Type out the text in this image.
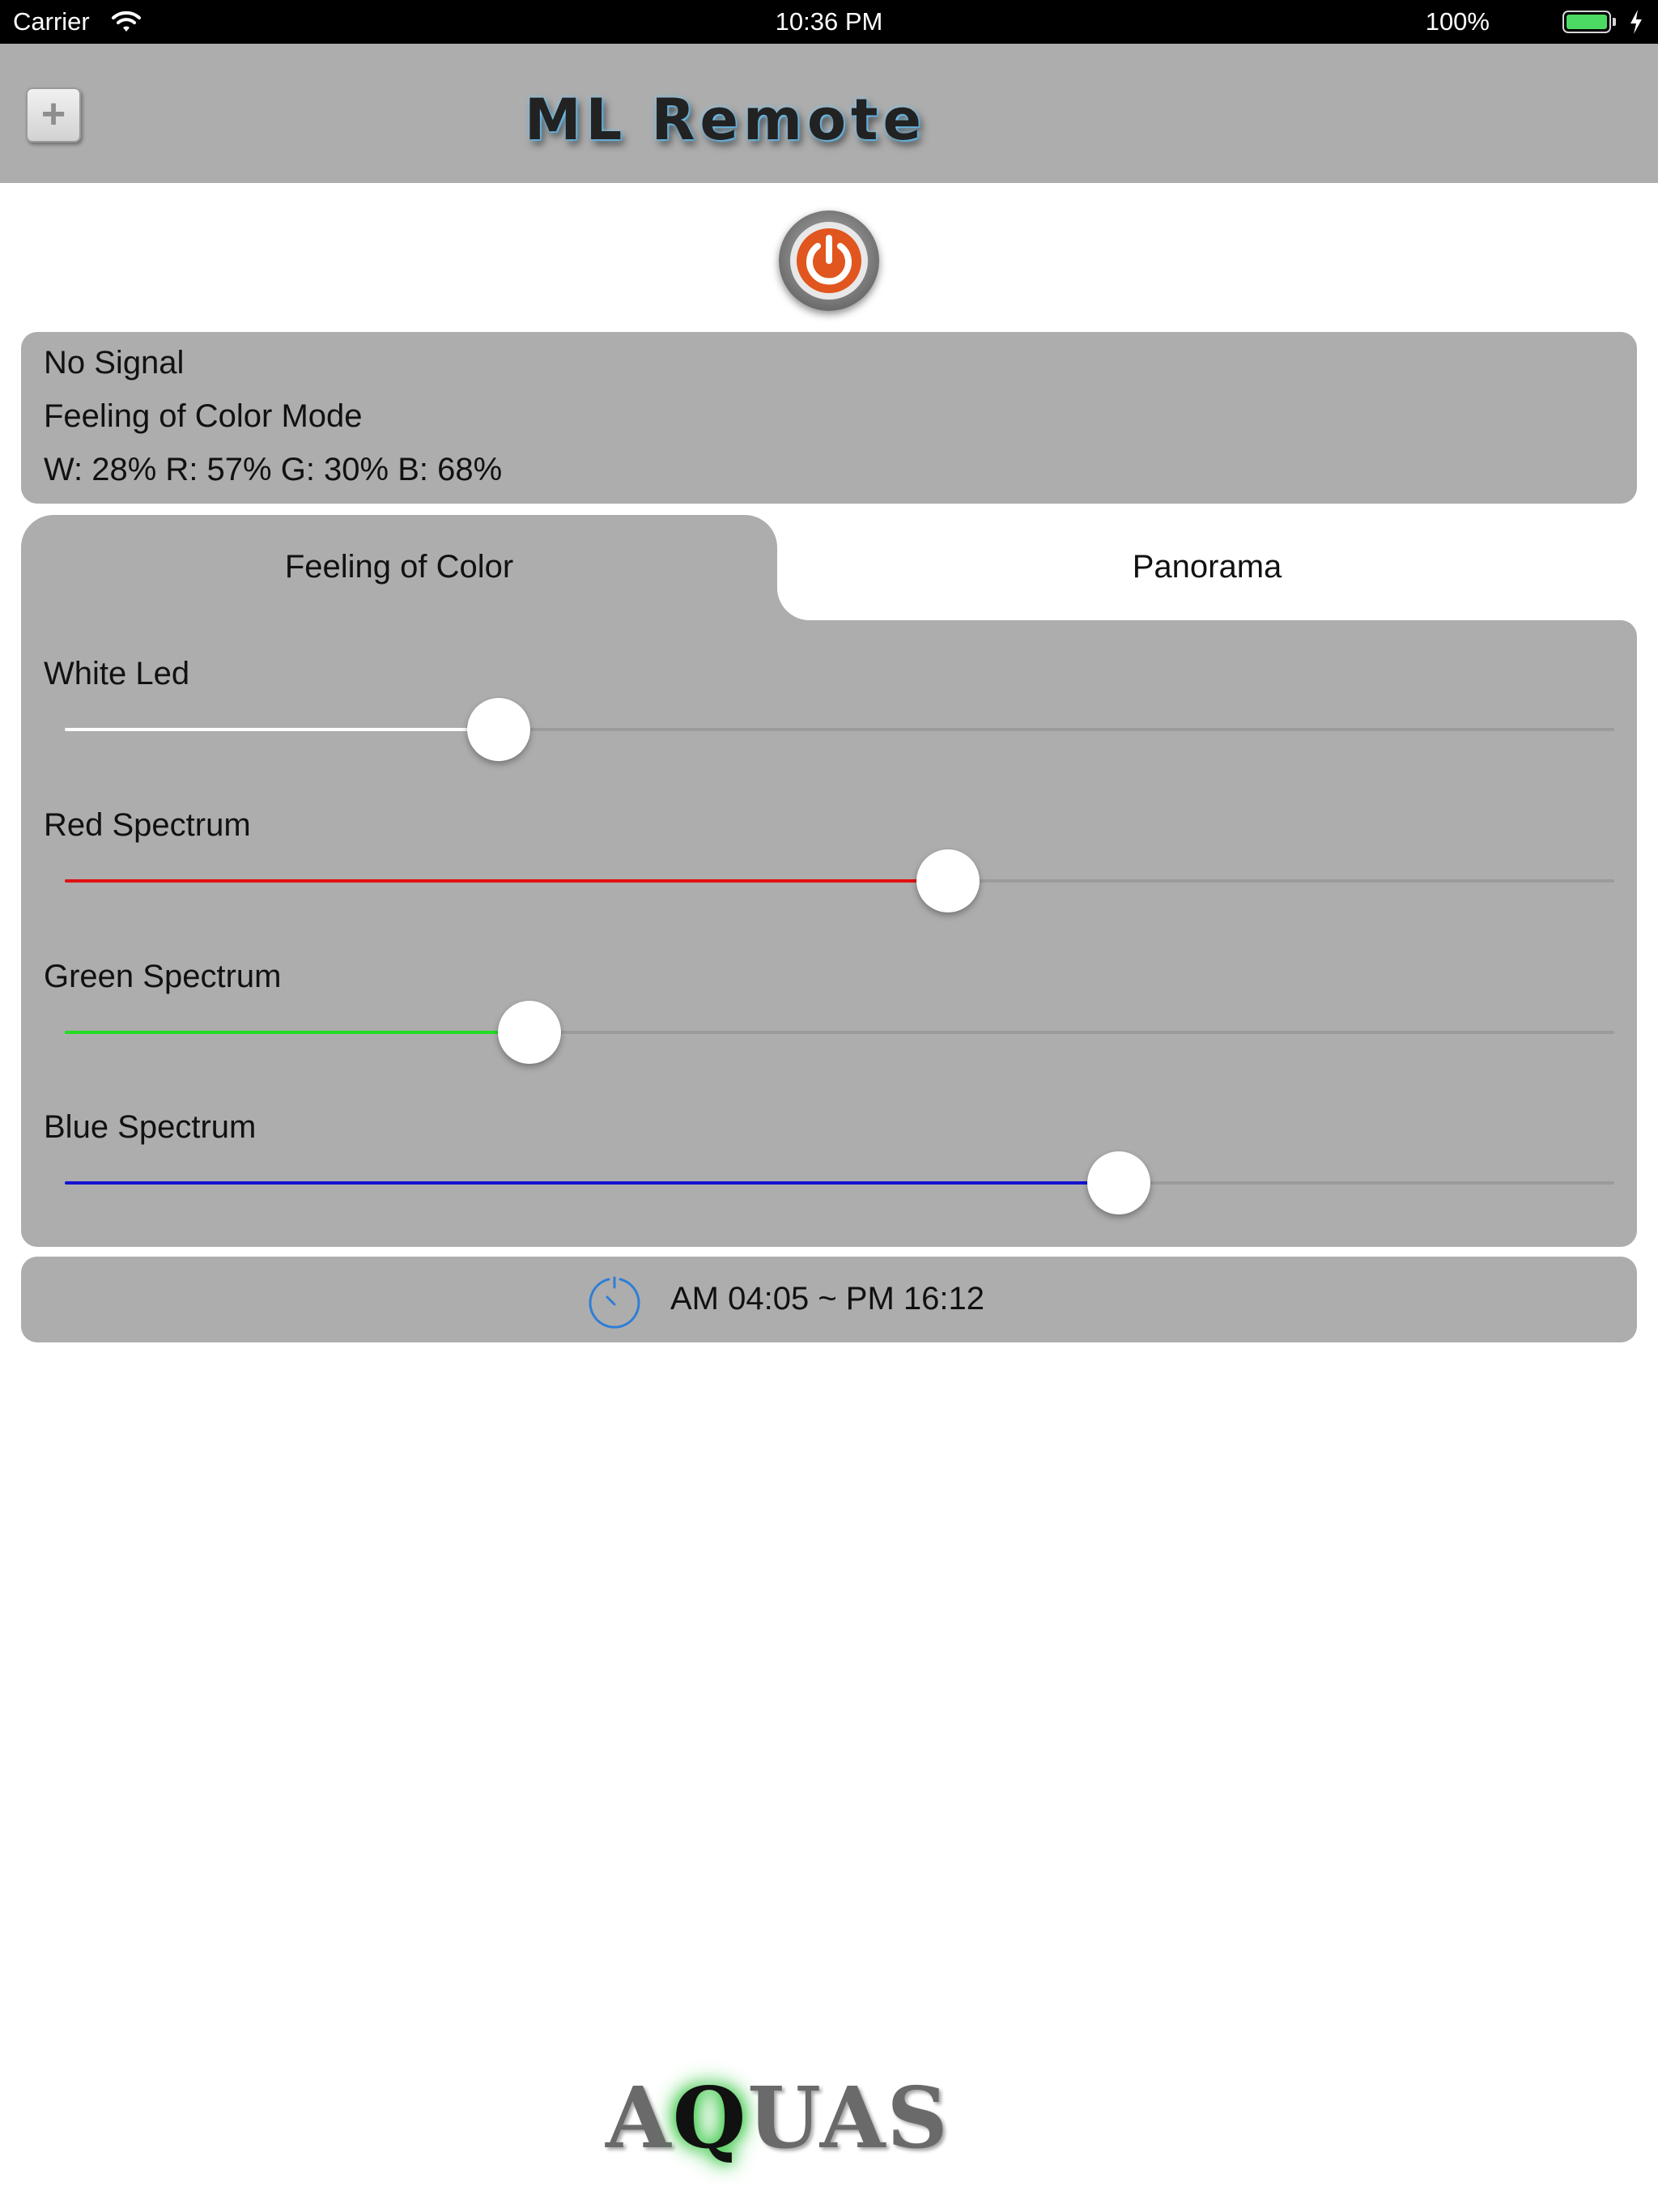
Carrier	10:36 PM	100%
+	ML Remote
No Signal
Feeling of Color Mode
W: 28% R: 57% G: 30% B: 68%
Feeling of Color	Panorama
White Led
Red Spectrum
Green Spectrum
Blue Spectrum
AM 04:05 ~ PM 16:12
AQUAS
